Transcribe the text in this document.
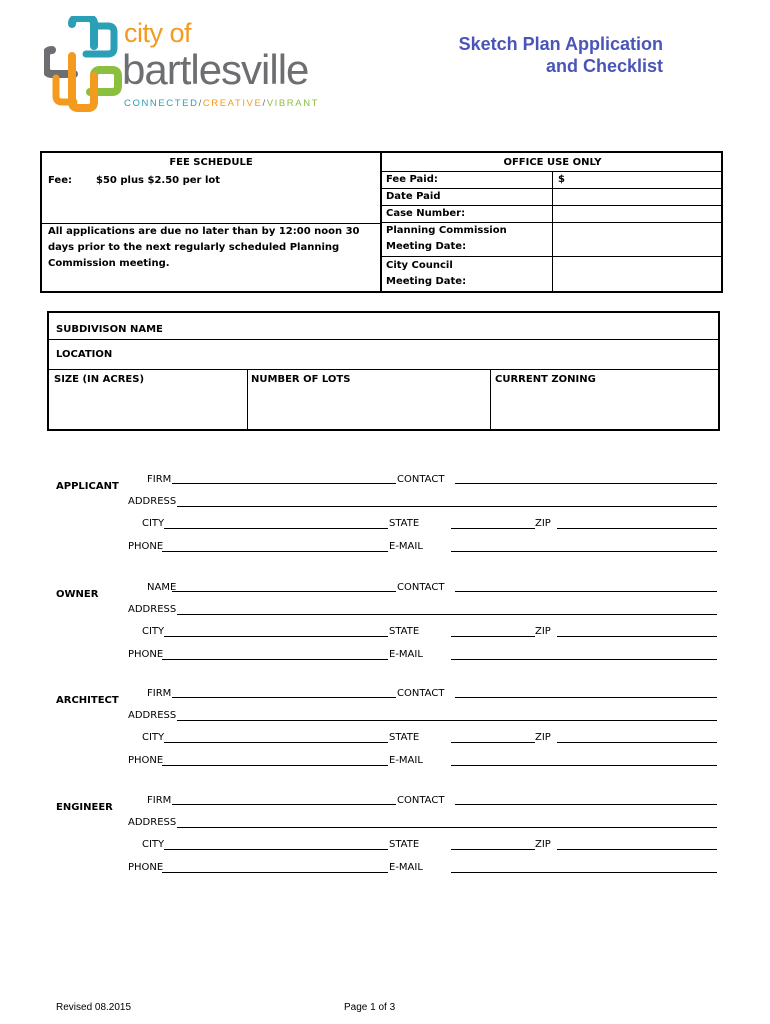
city of
bartlesville
CONNECTED/CREATIVE/VIBRANT
Sketch Plan Application
and Checklist
FEE SCHEDULE
Fee: $50 plus $2.50 per lot
All applications are due no later than by 12:00 noon 30 days prior to the next regularly scheduled Planning Commission meeting.
OFFICE USE ONLY
Fee Paid:	$
Date Paid
Case Number:
Planning Commission
Meeting Date:
City Council
Meeting Date:
SUBDIVISON NAME
LOCATION
SIZE (IN ACRES)	NUMBER OF LOTS	CURRENT ZONING
APPLICANT
FIRM	CONTACT
ADDRESS
CITY	STATE	ZIP
PHONE	E-MAIL
OWNER
NAME	CONTACT
ADDRESS
CITY	STATE	ZIP
PHONE	E-MAIL
ARCHITECT
FIRM	CONTACT
ADDRESS
CITY	STATE	ZIP
PHONE	E-MAIL
ENGINEER
FIRM	CONTACT
ADDRESS
CITY	STATE	ZIP
PHONE	E-MAIL
Revised 08.2015	Page 1 of 3
